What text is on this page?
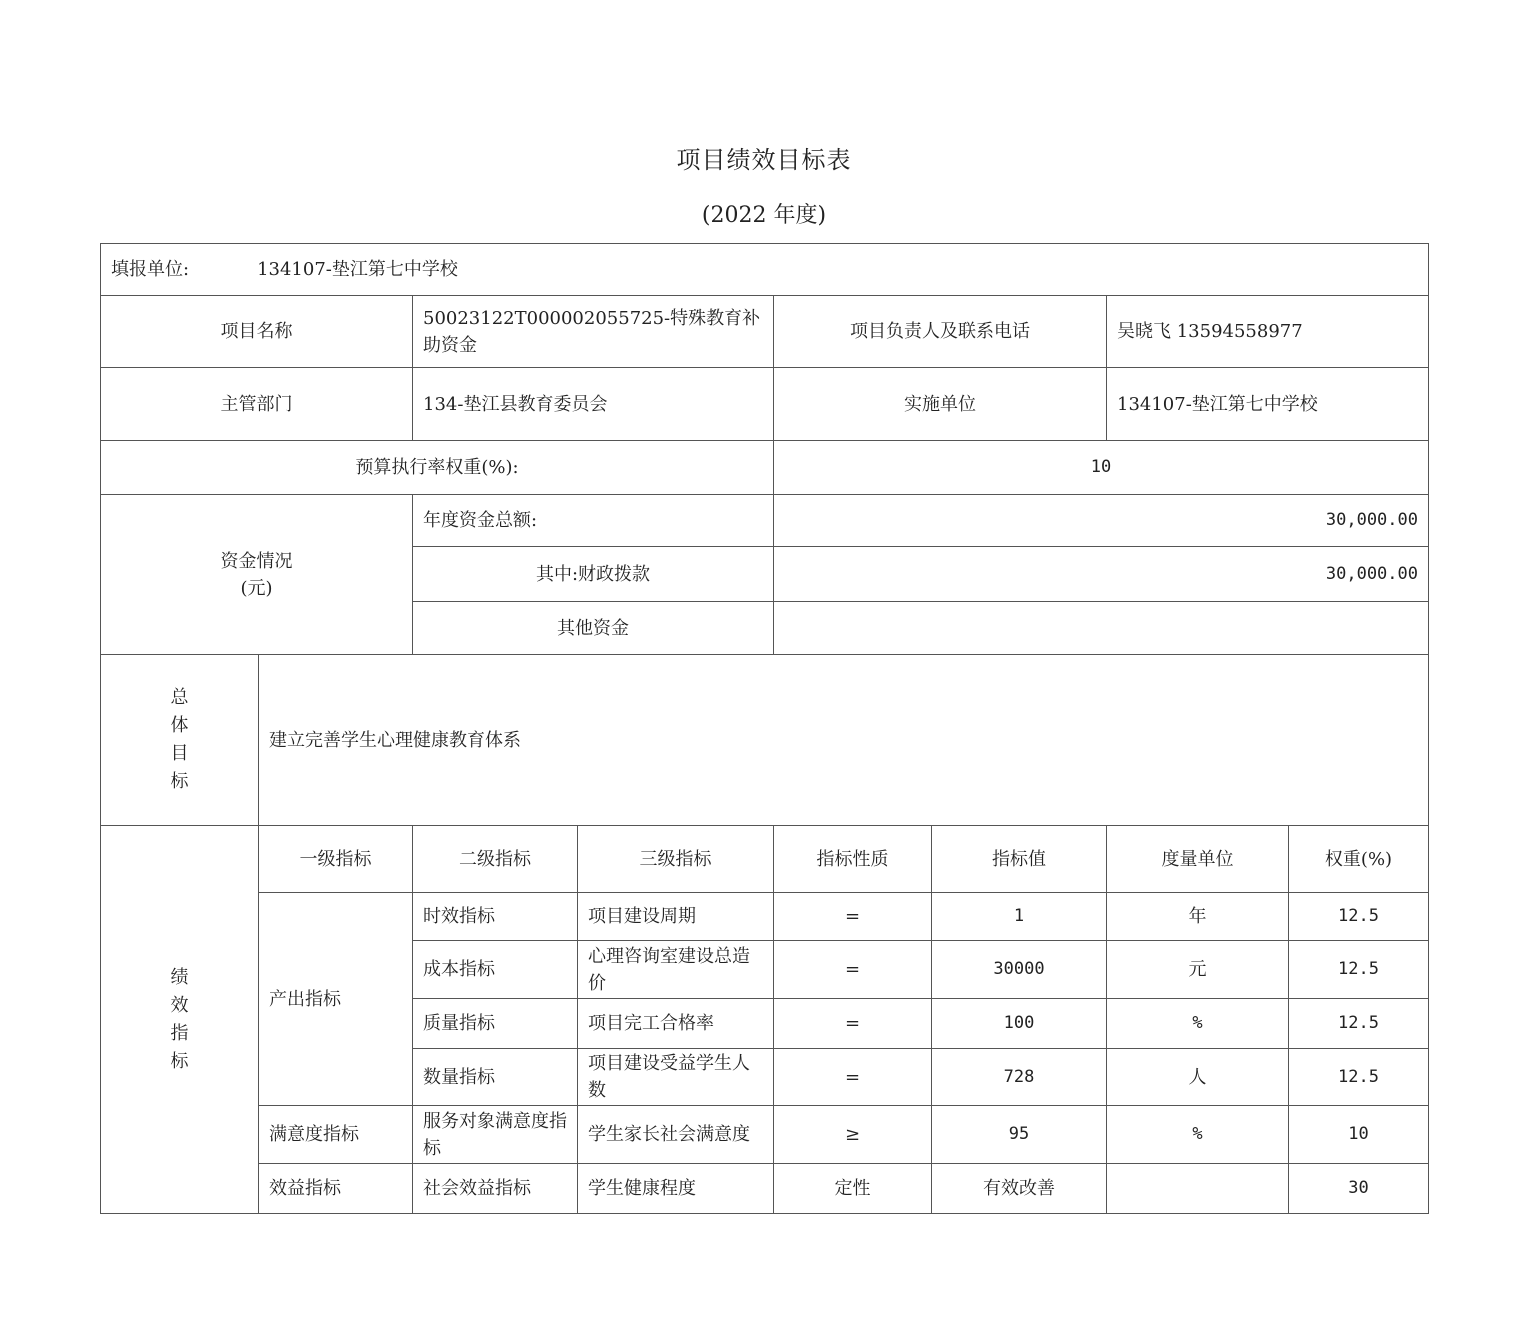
项目绩效目标表
(2022 年度)
填报单位: 134107-垫江第七中学校							
项目名称		50023122T000002055725-特殊教育补助资金		项目负责人及联系电话		吴晓飞 13594558977	
主管部门		134-垫江县教育委员会		实施单位		134107-垫江第七中学校	
预算执行率权重(%):				10			

资金情况
(元)		年度资金总额:		30,000.00			
		其中:财政拨款		30,000.00			
		其他资金					

总
体
目
标	建立完善学生心理健康教育体系						

绩
效
指
标	一级指标	二级指标	三级指标	指标性质	指标值	度量单位	权重(%)
	产出指标	时效指标	项目建设周期	=	1	年	12.5
		成本指标	心理咨询室建设总造价	=	30000	元	12.5
		质量指标	项目完工合格率	=	100	%	12.5
		数量指标	项目建设受益学生人数	=	728	人	12.5
	满意度指标	服务对象满意度指标	学生家长社会满意度	≥	95	%	10
	效益指标	社会效益指标	学生健康程度	定性	有效改善		30
